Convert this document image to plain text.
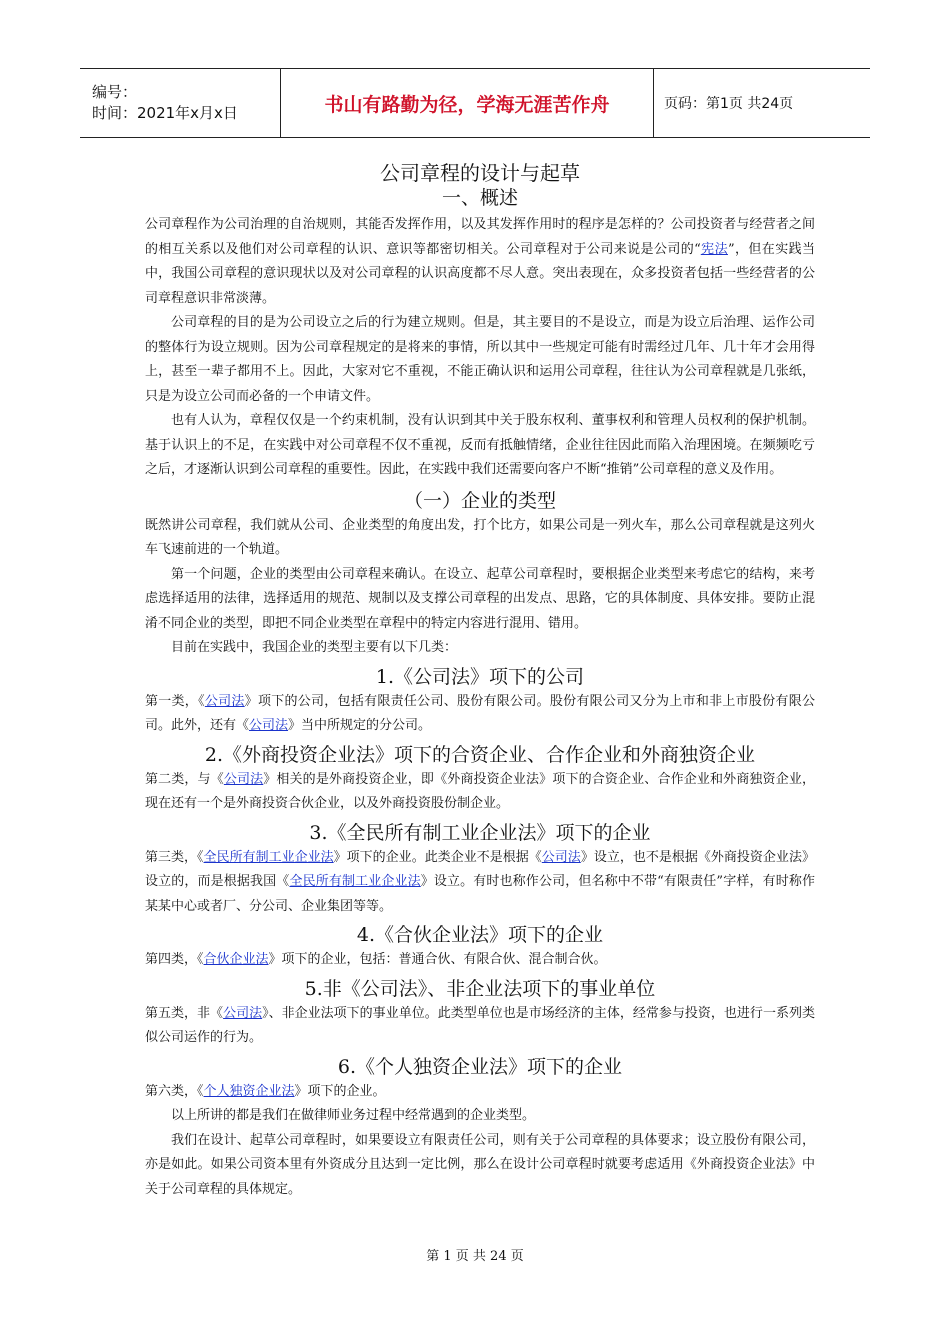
编号：
时间：2021年x月x日	书山有路勤为径，学海无涯苦作舟	页码：第1页 共24页
公司章程的设计与起草
一、概述

公司章程作为公司治理的自治规则，其能否发挥作用，以及其发挥作用时的程序是怎样的？公司投资者与经营者之间的相互关系以及他们对公司章程的认识、意识等都密切相关。公司章程对于公司来说是公司的“宪法”，但在实践当中，我国公司章程的意识现状以及对公司章程的认识高度都不尽人意。突出表现在，众多投资者包括一些经营者的公司章程意识非常淡薄。

公司章程的目的是为公司设立之后的行为建立规则。但是，其主要目的不是设立，而是为设立后治理、运作公司的整体行为设立规则。因为公司章程规定的是将来的事情，所以其中一些规定可能有时需经过几年、几十年才会用得上，甚至一辈子都用不上。因此，大家对它不重视，不能正确认识和运用公司章程，往往认为公司章程就是几张纸，只是为设立公司而必备的一个申请文件。

也有人认为，章程仅仅是一个约束机制，没有认识到其中关于股东权利、董事权利和管理人员权利的保护机制。基于认识上的不足，在实践中对公司章程不仅不重视，反而有抵触情绪，企业往往因此而陷入治理困境。在频频吃亏之后，才逐渐认识到公司章程的重要性。因此，在实践中我们还需要向客户不断“推销”公司章程的意义及作用。

（一）企业的类型

既然讲公司章程，我们就从公司、企业类型的角度出发，打个比方，如果公司是一列火车，那么公司章程就是这列火车飞速前进的一个轨道。

第一个问题，企业的类型由公司章程来确认。在设立、起草公司章程时，要根据企业类型来考虑它的结构，来考虑选择适用的法律，选择适用的规范、规制以及支撑公司章程的出发点、思路，它的具体制度、具体安排。要防止混淆不同企业的类型，即把不同企业类型在章程中的特定内容进行混用、错用。

目前在实践中，我国企业的类型主要有以下几类：

1.《公司法》项下的公司

第一类，《公司法》项下的公司，包括有限责任公司、股份有限公司。股份有限公司又分为上市和非上市股份有限公司。此外，还有《公司法》当中所规定的分公司。

2.《外商投资企业法》项下的合资企业、合作企业和外商独资企业

第二类，与《公司法》相关的是外商投资企业，即《外商投资企业法》项下的合资企业、合作企业和外商独资企业，现在还有一个是外商投资合伙企业，以及外商投资股份制企业。

3.《全民所有制工业企业法》项下的企业

第三类，《全民所有制工业企业法》项下的企业。此类企业不是根据《公司法》设立，也不是根据《外商投资企业法》设立的，而是根据我国《全民所有制工业企业法》设立。有时也称作公司，但名称中不带“有限责任”字样，有时称作某某中心或者厂、分公司、企业集团等等。

4.《合伙企业法》项下的企业

第四类，《合伙企业法》项下的企业，包括：普通合伙、有限合伙、混合制合伙。

5.非《公司法》、非企业法项下的事业单位

第五类，非《公司法》、非企业法项下的事业单位。此类型单位也是市场经济的主体，经常参与投资，也进行一系列类似公司运作的行为。

6.《个人独资企业法》项下的企业

第六类，《个人独资企业法》项下的企业。

以上所讲的都是我们在做律师业务过程中经常遇到的企业类型。

我们在设计、起草公司章程时，如果要设立有限责任公司，则有关于公司章程的具体要求；设立股份有限公司，亦是如此。如果公司资本里有外资成分且达到一定比例，那么在设计公司章程时就要考虑适用《外商投资企业法》中关于公司章程的具体规定。

第 1 页 共 24 页
